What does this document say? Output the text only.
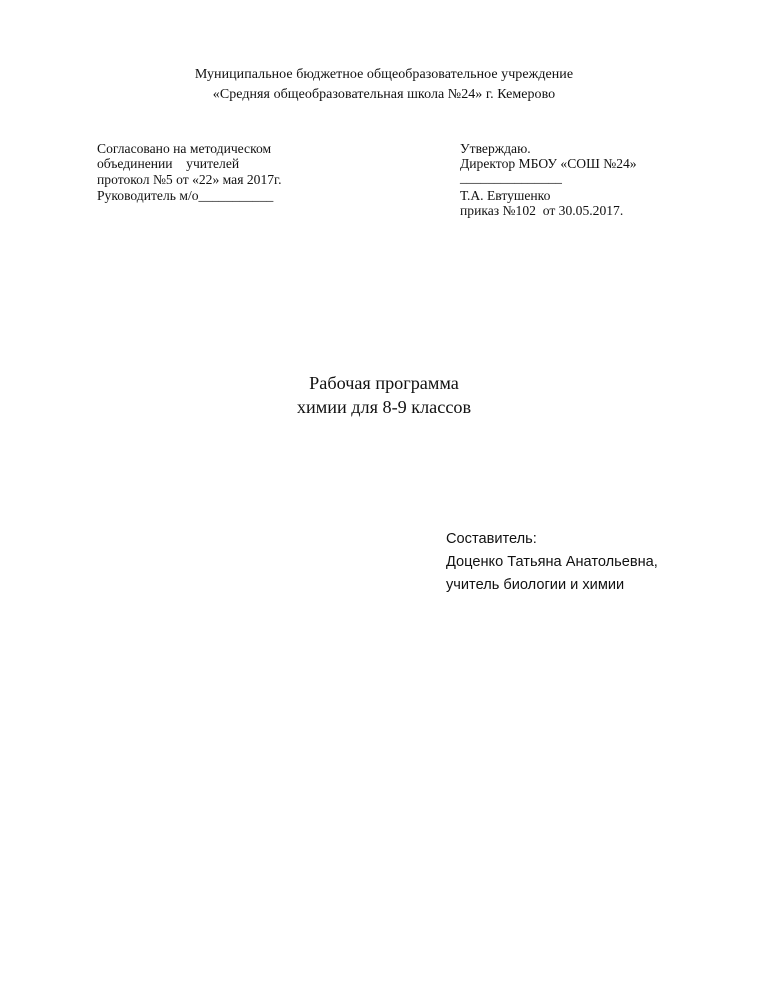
Муниципальное бюджетное общеобразовательное учреждение
«Средняя общеобразовательная школа №24» г. Кемерово
Согласовано на методическом
объединении    учителей
протокол №5 от «22» мая 2017г.
Руководитель м/о___________
Утверждаю.
Директор МБОУ «СОШ №24»
_______________
Т.А. Евтушенко
приказ №102  от 30.05.2017.
Рабочая программа
химии для 8-9 классов
Составитель:
Доценко Татьяна Анатольевна,
учитель биологии и химии
